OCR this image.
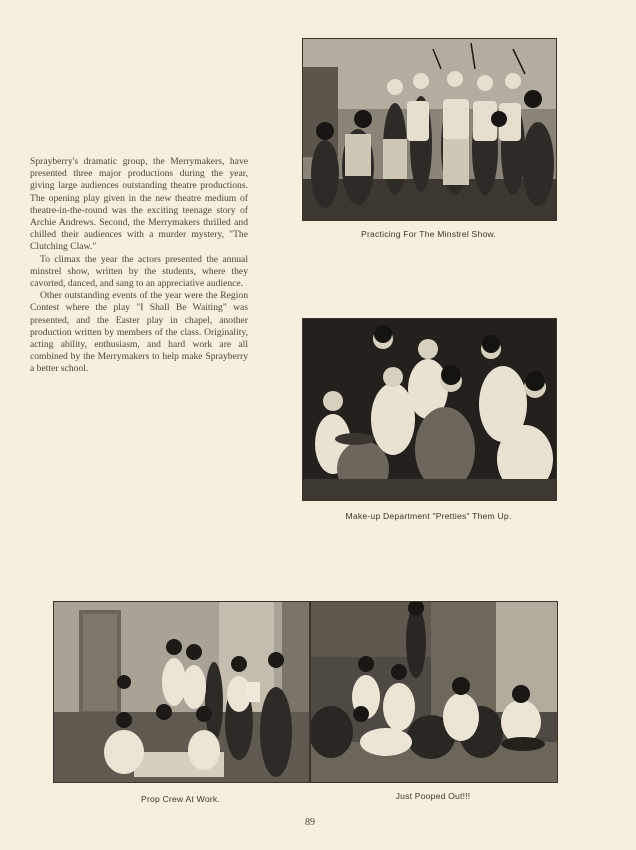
Sprayberry's dramatic group, the Merrymakers, have presented three major productions during the year, giving large audiences outstanding theatre productions. The opening play given in the new theatre medium of theatre-in-the-round was the exciting teenage story of Archie Andrews. Second, the Merrymakers thrilled and chilled their audiences with a murder mystery, "The Clutching Claw."

To climax the year the actors presented the annual minstrel show, written by the students, where they cavorted, danced, and sang to an appreciative audience.

Other outstanding events of the year were the Region Contest where the play "I Shall Be Waiting" was presented, and the Easter play in chapel, another production written by members of the class. Originality, acting ability, enthusiasm, and hard work are all combined by the Merrymakers to help make Sprayberry a better school.

Practicing For The Minstrel Show.
Make-up Department "Pretties" Them Up.
Prop Crew At Work.	Just Pooped Out!!!
89
